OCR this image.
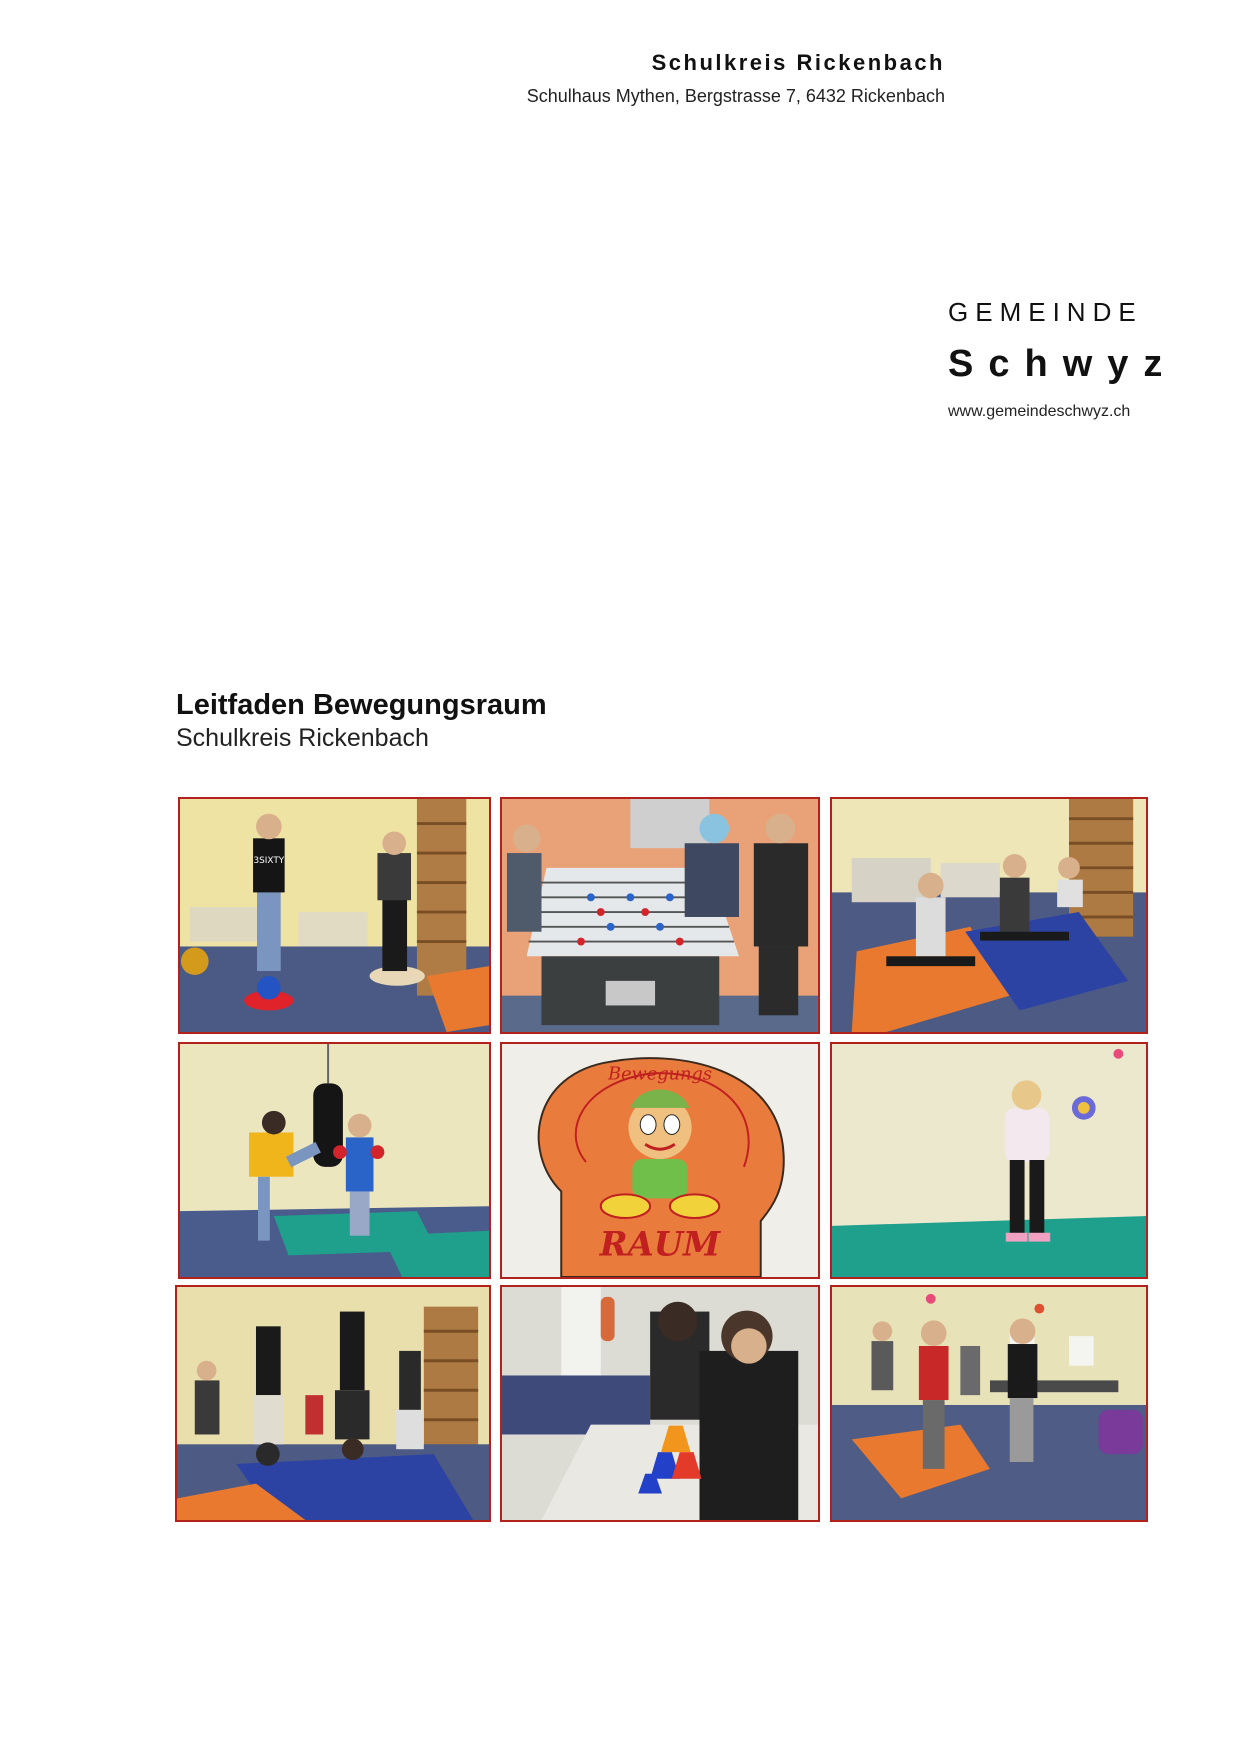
Schulkreis Rickenbach

Schulhaus Mythen, Bergstrasse 7, 6432 Rickenbach

GEMEINDE

Schwyz

www.gemeindeschwyz.ch

Leitfaden Bewegungsraum

Schulkreis Rickenbach

3SIXTY
Bewegungs
RAUM
